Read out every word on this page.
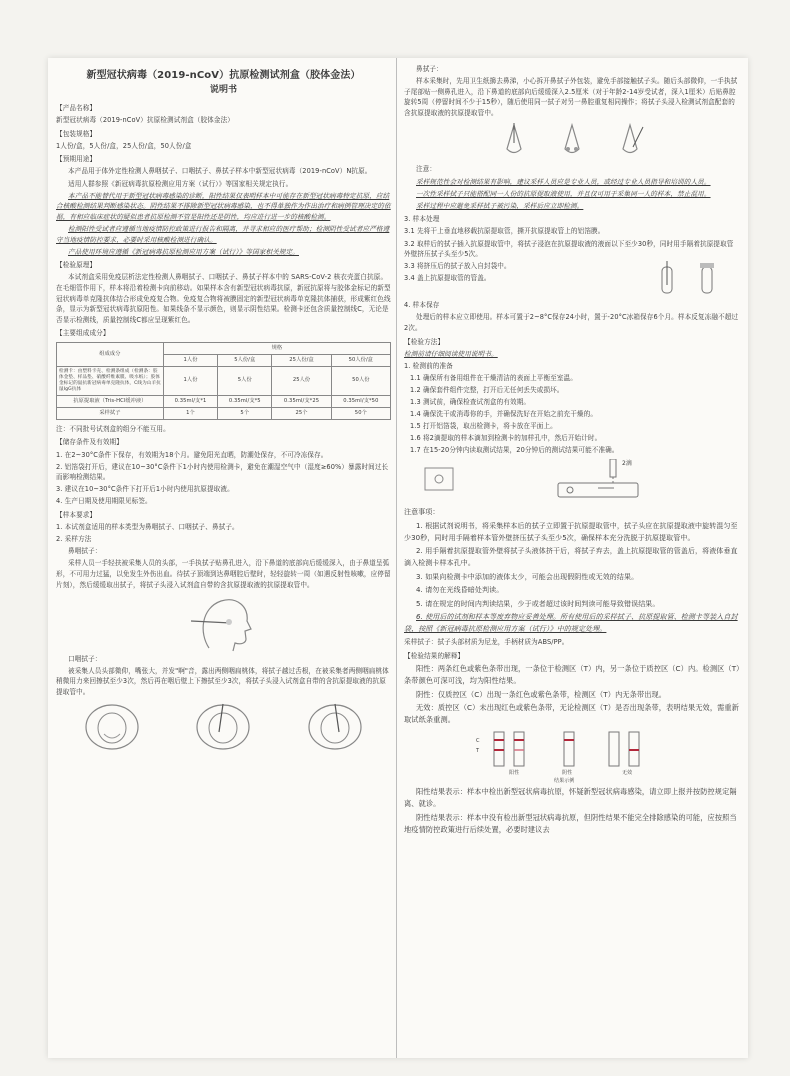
新型冠状病毒（2019-nCoV）抗原检测试剂盒（胶体金法）
说明书

【产品名称】

新型冠状病毒（2019-nCoV）抗原检测试剂盒（胶体金法）

【包装规格】

1人份/盒，5人份/盒，25人份/盒，50人份/盒

【预期用途】

本产品用于体外定性检测人鼻咽拭子、口咽拭子、鼻拭子样本中新型冠状病毒（2019-nCoV）N抗原。

适用人群参照《新冠病毒抗原检测应用方案（试行）》等国家相关规定执行。

本产品不能替代用于新型冠状病毒感染的诊断，阳性结果仅表明样本中可能存在新型冠状病毒特定抗原，应结合核酸检测结果判断感染状态。阴性结果不排除新型冠状病毒感染，也不得单独作为作出治疗和病例管理决定的依据，有相应临床症状的疑似患者抗原检测不管是阳性还是阴性，均应进行进一步的核酸检测。

检测阳性受试者应遵循当地疫情防控政策进行报告和隔离，并寻求相应的医疗帮助；检测阴性受试者应严格遵守当地疫情防控要求，必要时采用核酸检测进行确认。

产品使用环境应遵循《新冠病毒抗原检测应用方案（试行）》等国家相关规定。

【检验原理】

本试剂盒采用免疫层析法定性检测人鼻咽拭子、口咽拭子、鼻拭子样本中的 SARS-CoV-2 核衣壳蛋白抗原。在毛细管作用下，样本将沿着检测卡向前移动。如果样本含有新型冠状病毒抗原，新冠抗原将与胶体金标记的新型冠状病毒单克隆抗体结合形成免疫复合物。免疫复合物将被膜固定的新型冠状病毒单克隆抗体捕获，形成紫红色线条，显示为新型冠状病毒抗原阳性。如果线条不显示颜色，则显示阴性结果。检测卡还包含质量控制线C，无论是否显示检测线，质量控制线C都应呈现紫红色。

【主要组成成分】

组成成分	规格			
	1人份	5人份/盒	25人份/盒	50人份/盒
检测卡：由塑料卡壳、检测条组成（检测条：胶体金垫、样品垫、硝酸纤维素膜、吸水纸）；胶体金标记的鼠抗新冠病毒单克隆抗体，C线为山羊抗鼠IgG抗体	1人份	5人份	25人份	50人份
抗原提取液（Tris-HCl缓冲液）	0.35ml/支*1	0.35ml/支*5	0.35ml/支*25	0.35ml/支*50
采样拭子	1个	5个	25个	50个

注：不同批号试剂盒的组分不能互用。

【储存条件及有效期】

1. 在2~30°C条件下保存，有效期为18个月。避免阳光直晒，防潮处保存，不可冷冻保存。

2. 铝箔袋打开后，建议在10~30°C条件下1小时内使用检测卡，避免在潮湿空气中（湿度≥60%）暴露时间过长而影响检测结果。

3. 建议在10~30°C条件下打开后1小时内使用抗原提取液。

4. 生产日期及使用期限见标签。

【样本要求】

1. 本试剂盒适用的样本类型为鼻咽拭子、口咽拭子、鼻拭子。

2. 采样方法

鼻咽拭子：

采样人员一手轻扶被采集人员的头部，一手执拭子贴鼻孔进入，沿下鼻道的底部向后缓缓深入，由于鼻道呈弧形，不可用力过猛，以免发生外伤出血。待拭子顶端到达鼻咽腔后壁时，轻轻旋转一周（如遇反射性咳嗽，应停留片刻），然后缓缓取出拭子，将拭子头浸入试剂盒自带的含抗原提取液的抗原提取管中。

口咽拭子：

被采集人员头部微仰，嘴张大，并发"啊"音，露出两侧咽扁桃体，将拭子越过舌根，在被采集者两侧咽扁桃体稍微用力来回擦拭至少3次，然后再在咽后壁上下擦拭至少3次，将拭子头浸入试剂盒自带的含抗原提取液的抗原提取管中。

鼻拭子：

样本采集时，先用卫生纸擤去鼻涕，小心拆开鼻拭子外包装，避免手部接触拭子头。随后头部微仰，一手执拭子尾部贴一侧鼻孔进入，沿下鼻道的底部向后缓缓深入2.5厘米（对于年龄2-14岁受试者，深入1厘米）后贴鼻腔旋转5周（停留时间不少于15秒），随后使用同一拭子对另一鼻腔重复相同操作；将拭子头浸入检测试剂盒配套的含抗原提取液的抗原提取管中。

注意：

采样规范性会对检测结果有影响，建议采样人员应是专业人员，或经过专业人员指导和培训的人员。

一次性采样拭子只能搭配同一人份的抗原提取液使用，并且仅可用于采集同一人的样本，禁止混用。

采样过程中应避免采样拭子被污染，采样后应立即检测。

3. 样本处理

3.1 先将干上垂直地移载抗原提取管，撕开抗原提取管上的铝箔膜。

3.2 取样后的拭子插入抗原提取管中，将拭子浸泡在抗原提取液的液面以下至少30秒，同时用手隔着抗原提取管外壁挤压拭子头至少5次。

3.3 将挤压后的拭子放入自封袋中。

3.4 盖上抗原提取管的管盖。

4. 样本保存

处理后的样本应立即使用。样本可置于2~8°C保存24小时，置于-20°C冰箱保存6个月。样本反复冻融不超过2次。

【检验方法】

检测前请仔细阅读使用说明书。

1. 检测前的准备

1.1 确保所有备用组件在干燥清洁的表面上平衡至室温。

1.2 确保套件组件完整，打开后无任何丢失或损坏。

1.3 测试前，确保检查试剂盒的有效期。

1.4 确保洗干或消毒你的手，并确保洗好在开始之前充干燥的。

1.5 打开铝箔袋，取出检测卡，将卡放在平面上。

1.6 将2滴提取的样本滴加到检测卡的加样孔中，然后开始计时。

1.7 在15-20分钟内读取测试结果，20分钟后的测试结果可能不准确。

2滴

注意事项：

1. 根据试剂说明书，将采集样本后的拭子立即置于抗原提取管中，拭子头应在抗原提取液中旋转混匀至少30秒，同时用手隔着样本管外壁挤压拭子头至少5次，确保样本充分洗脱于抗原提取管中。

2. 用手隔着抗原提取管外壁将拭子头液体挤干后，将拭子弃去，盖上抗原提取管的管盖后，将液体垂直滴入检测卡样本孔中。

3. 如果向检测卡中添加的液体太少，可能会出现假阴性或无效的结果。

4. 请勿在光线昏暗处判读。

5. 请在规定的时间内判读结果，少于或者超过该时间判读可能导致错误结果。

6. 使用后的试剂和样本等废弃物应妥善处理。所有使用后的采样拭子、抗原提取管、检测卡等装入自封袋，按照《新冠病毒抗原检测应用方案（试行）》中的规定处理。

采样拭子：拭子头部材质为尼龙，手柄材质为ABS/PP。

【检验结果的解释】

阳性：两条红色或紫色条带出现，一条位于检测区（T）内，另一条位于质控区（C）内。检测区（T）条带颜色可深可浅，均为阳性结果。

阴性：仅质控区（C）出现一条红色或紫色条带，检测区（T）内无条带出现。

无效：质控区（C）未出现红色或紫色条带，无论检测区（T）是否出现条带，表明结果无效，需重新取试纸条重测。

C
T
阳性	阴性	无效
结果示例

阳性结果表示：样本中检出新型冠状病毒抗原，怀疑新型冠状病毒感染，请立即上报并按防控规定隔离、就诊。

阴性结果表示：样本中没有检出新型冠状病毒抗原，但阴性结果不能完全排除感染的可能，应按照当地疫情防控政策进行后续处置，必要时建议去
